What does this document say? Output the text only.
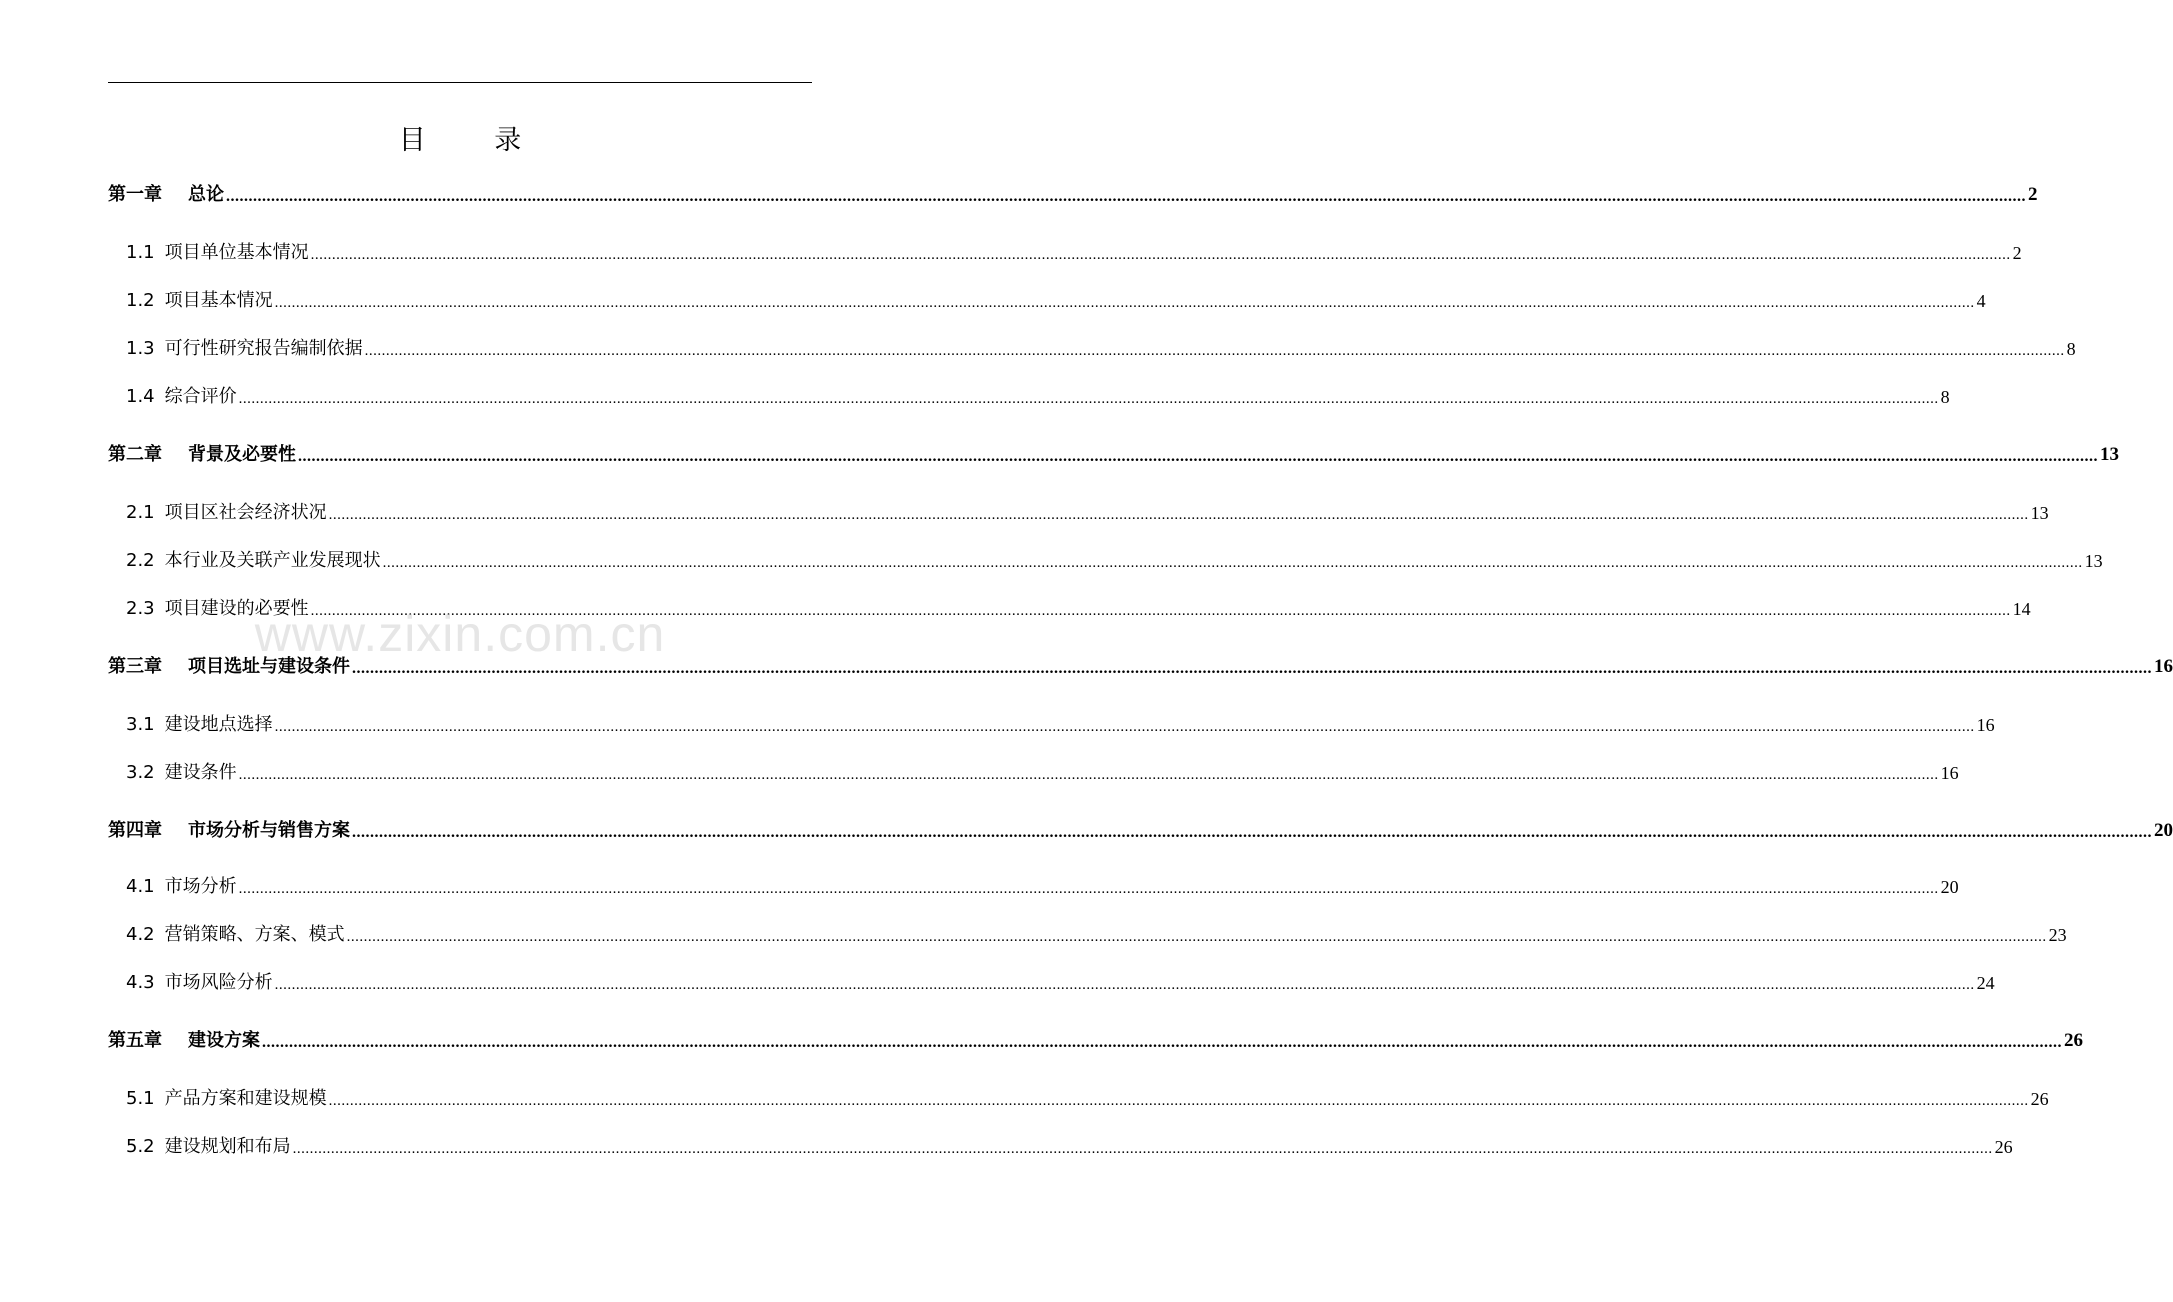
目 录
第一章 总论 ................................................................................................................................................................................................................................................................................................................................................................................................................ 2
1.1 项目单位基本情况 ................................................................................................................................................................................................................................................................................................................................................................................................................ 2
1.2 项目基本情况 ................................................................................................................................................................................................................................................................................................................................................................................................................ 4
1.3 可行性研究报告编制依据 ................................................................................................................................................................................................................................................................................................................................................................................................................ 8
1.4 综合评价 ................................................................................................................................................................................................................................................................................................................................................................................................................ 8
第二章 背景及必要性 ................................................................................................................................................................................................................................................................................................................................................................................................................ 13
2.1 项目区社会经济状况 ................................................................................................................................................................................................................................................................................................................................................................................................................ 13
2.2 本行业及关联产业发展现状 ................................................................................................................................................................................................................................................................................................................................................................................................................ 13
2.3 项目建设的必要性 ................................................................................................................................................................................................................................................................................................................................................................................................................ 14
第三章 项目选址与建设条件 ................................................................................................................................................................................................................................................................................................................................................................................................................ 16
3.1 建设地点选择 ................................................................................................................................................................................................................................................................................................................................................................................................................ 16
3.2 建设条件 ................................................................................................................................................................................................................................................................................................................................................................................................................ 16
第四章 市场分析与销售方案 ................................................................................................................................................................................................................................................................................................................................................................................................................ 20
4.1 市场分析 ................................................................................................................................................................................................................................................................................................................................................................................................................ 20
4.2 营销策略、方案、模式 ................................................................................................................................................................................................................................................................................................................................................................................................................ 23
4.3 市场风险分析 ................................................................................................................................................................................................................................................................................................................................................................................................................ 24
第五章 建设方案 ................................................................................................................................................................................................................................................................................................................................................................................................................ 26
5.1 产品方案和建设规模 ................................................................................................................................................................................................................................................................................................................................................................................................................ 26
5.2 建设规划和布局 ................................................................................................................................................................................................................................................................................................................................................................................................................ 26
www.zixin.com.cn
